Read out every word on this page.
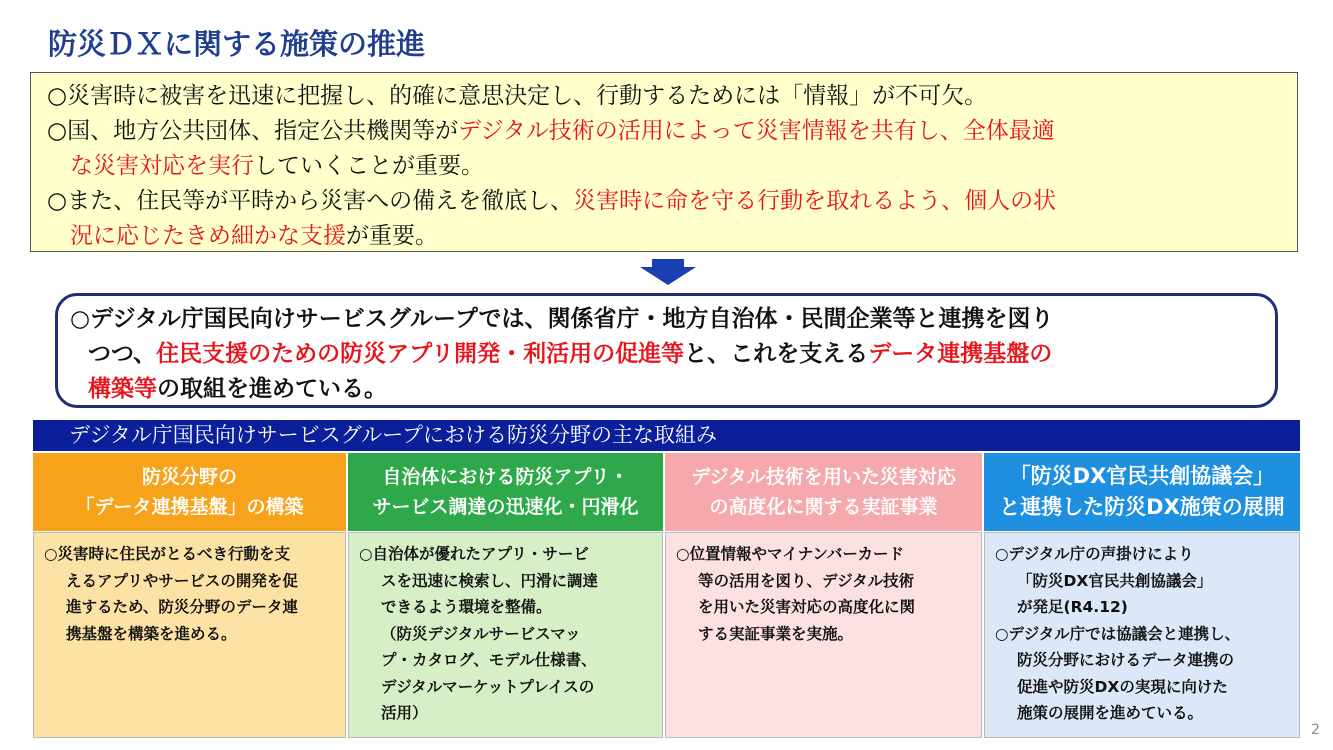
防災ＤＸに関する施策の推進
○災害時に被害を迅速に把握し、的確に意思決定し、行動するためには「情報」が不可欠。
○国、地方公共団体、指定公共機関等がデジタル技術の活用によって災害情報を共有し、全体最適
な災害対応を実行していくことが重要。
○また、住民等が平時から災害への備えを徹底し、災害時に命を守る行動を取れるよう、個人の状
況に応じたきめ細かな支援が重要。
○デジタル庁国民向けサービスグループでは、関係省庁・地方自治体・民間企業等と連携を図り
つつ、住民支援のための防災アプリ開発・利活用の促進等と、これを支えるデータ連携基盤の
構築等の取組を進めている。
デジタル庁国民向けサービスグループにおける防災分野の主な取組み
防災分野の
「データ連携基盤」の構築
○災害時に住民がとるべき行動を支
えるアプリやサービスの開発を促
進するため、防災分野のデータ連
携基盤を構築を進める。
自治体における防災アプリ・
サービス調達の迅速化・円滑化
○自治体が優れたアプリ・サービ
スを迅速に検索し、円滑に調達
できるよう環境を整備。
（防災デジタルサービスマッ
プ・カタログ、モデル仕様書、
デジタルマーケットプレイスの
活用）
デジタル技術を用いた災害対応
の高度化に関する実証事業
○位置情報やマイナンバーカード
等の活用を図り、デジタル技術
を用いた災害対応の高度化に関
する実証事業を実施。
「防災DX官民共創協議会」
と連携した防災DX施策の展開
○デジタル庁の声掛けにより
「防災DX官民共創協議会」
が発足(R4.12)
○デジタル庁では協議会と連携し、
防災分野におけるデータ連携の
促進や防災DXの実現に向けた
施策の展開を進めている。
2
